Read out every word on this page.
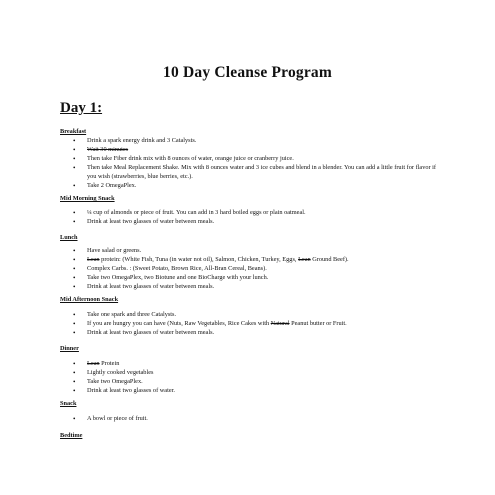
10 Day Cleanse Program
Day 1:
Breakfast
• Drink a spark energy drink and 3 Catalysts.
• Wait 30 minutes
• Then take Fiber drink mix with 8 ounces of water, orange juice or cranberry juice.
• Then take Meal Replacement Shake. Mix with 8 ounces water and 3 ice cubes and blend in a blender. You can add a little fruit for flavor if you wish (strawberries, blue berries, etc.).
• Take 2 OmegaPlex.
Mid Morning Snack
• ¼ cup of almonds or piece of fruit. You can add in 3 hard boiled eggs or plain oatmeal.
• Drink at least two glasses of water between meals.
Lunch
• Have salad or greens.
• Lean protein: (White Fish, Tuna (in water not oil), Salmon, Chicken, Turkey, Eggs, Lean Ground Beef).
• Complex Carbs. : (Sweet Potato, Brown Rice, All-Bran Cereal, Beans).
• Take two OmegaPlex, two Biotune and one BioCharge with your lunch.
• Drink at least two glasses of water between meals.
Mid Afternoon Snack
• Take one spark and three Catalysts.
• If you are hungry you can have (Nuts, Raw Vegetables, Rice Cakes with Natural Peanut butter or Fruit.
• Drink at least two glasses of water between meals.
Dinner
• Lean Protein
• Lightly cooked vegetables
• Take two OmegaPlex.
• Drink at least two glasses of water.
Snack
• A bowl or piece of fruit.
Bedtime
